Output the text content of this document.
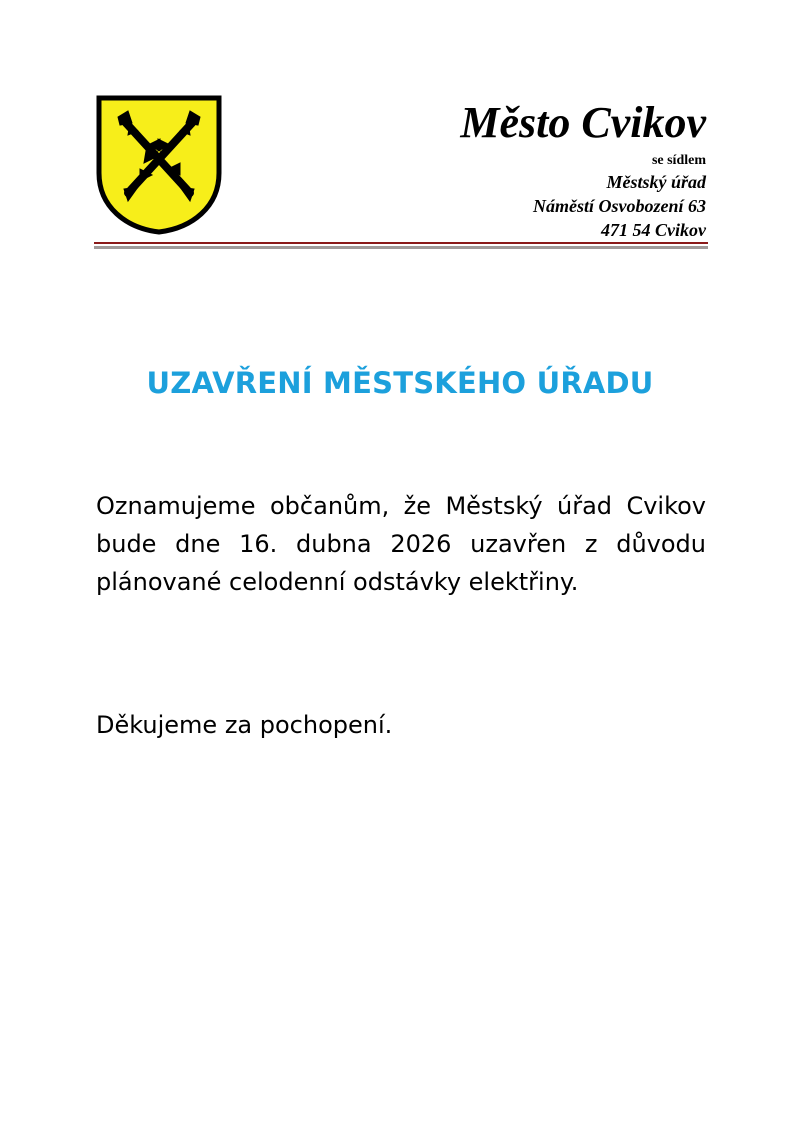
Město Cvikov
se sídlem
Městský úřad
Náměstí Osvobození 63
471 54 Cvikov
UZAVŘENÍ MĚSTSKÉHO ÚŘADU

Oznamujeme občanům, že Městský úřad Cvikov bude dne 16. dubna 2026 uzavřen z důvodu plánované celodenní odstávky elektřiny.

Děkujeme za pochopení.
